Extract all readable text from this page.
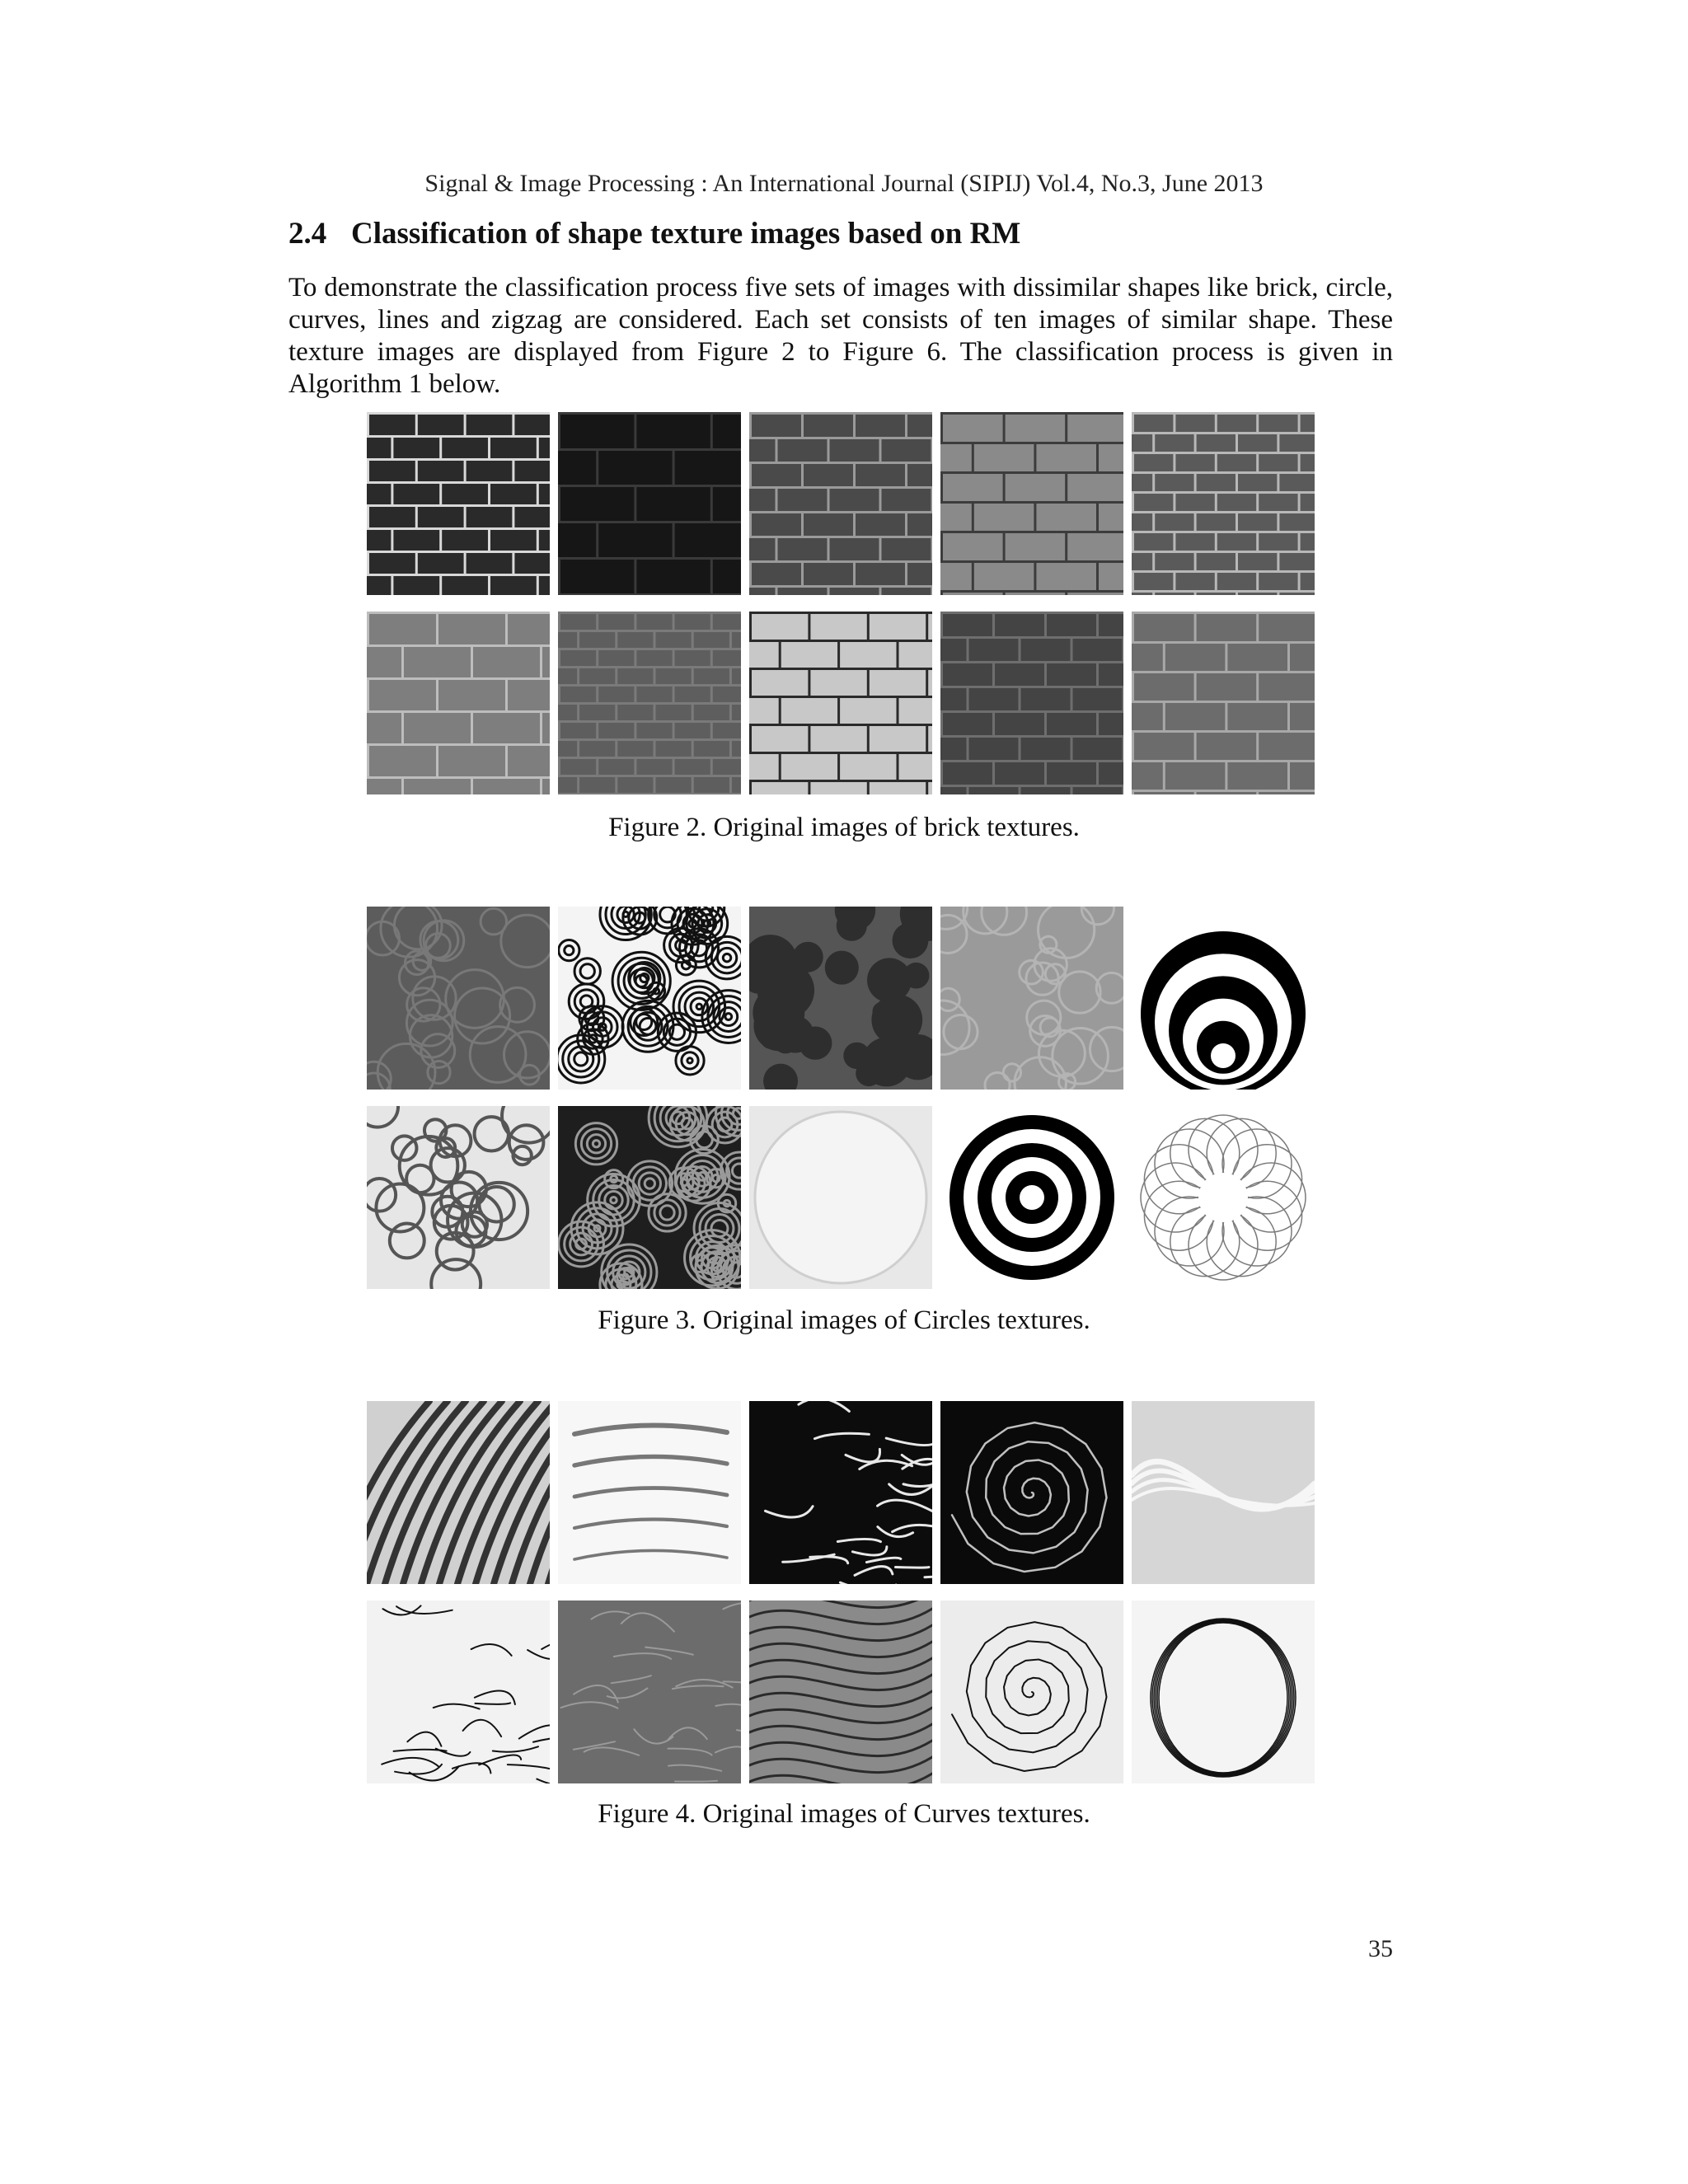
Signal & Image Processing : An International Journal (SIPIJ) Vol.4, No.3, June 2013
2.4 Classification of shape texture images based on RM
To demonstrate the classification process five sets of images with dissimilar shapes like brick, circle, curves, lines and zigzag are considered. Each set consists of ten images of similar shape. These texture images are displayed from Figure 2 to Figure 6. The classification process is given in Algorithm 1 below.
Figure 2. Original images of brick textures.
Figure 3. Original images of Circles textures.
Figure 4. Original images of Curves textures.
35
